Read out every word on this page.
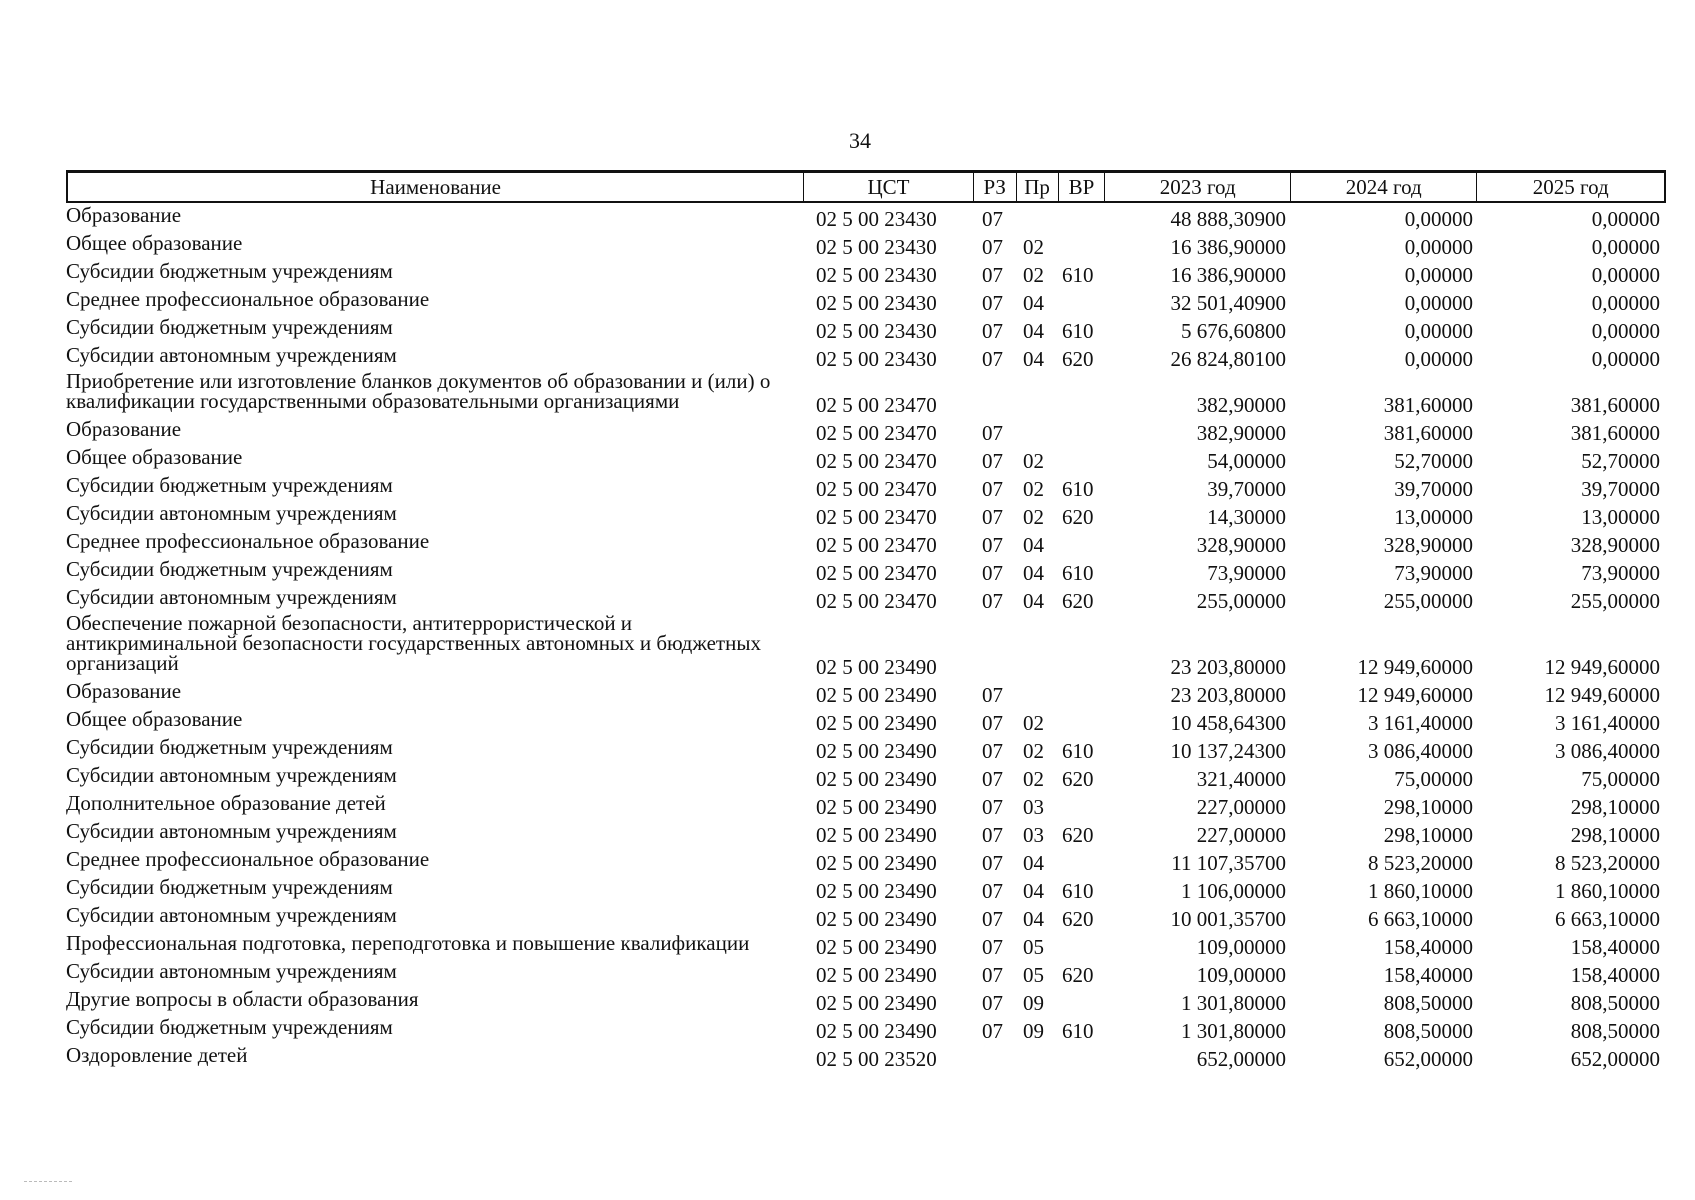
34
Наименование	ЦСТ	РЗ Пр ВР	2023 год	2024 год	2025 год
Образование	02 5 00 23430	07	48 888,30900	0,00000	0,00000
Общее образование	02 5 00 23430	07 02	16 386,90000	0,00000	0,00000
Субсидии бюджетным учреждениям	02 5 00 23430	07 02 610	16 386,90000	0,00000	0,00000
Среднее профессиональное образование	02 5 00 23430	07 04	32 501,40900	0,00000	0,00000
Субсидии бюджетным учреждениям	02 5 00 23430	07 04 610	5 676,60800	0,00000	0,00000
Субсидии автономным учреждениям	02 5 00 23430	07 04 620	26 824,80100	0,00000	0,00000
Приобретение или изготовление бланков документов об образовании и (или) о квалификации государственными образовательными организациями	02 5 00 23470	382,90000	381,60000	381,60000
Образование	02 5 00 23470	07	382,90000	381,60000	381,60000
Общее образование	02 5 00 23470	07 02	54,00000	52,70000	52,70000
Субсидии бюджетным учреждениям	02 5 00 23470	07 02 610	39,70000	39,70000	39,70000
Субсидии автономным учреждениям	02 5 00 23470	07 02 620	14,30000	13,00000	13,00000
Среднее профессиональное образование	02 5 00 23470	07 04	328,90000	328,90000	328,90000
Субсидии бюджетным учреждениям	02 5 00 23470	07 04 610	73,90000	73,90000	73,90000
Субсидии автономным учреждениям	02 5 00 23470	07 04 620	255,00000	255,00000	255,00000
Обеспечение пожарной безопасности, антитеррористической и антикриминальной безопасности государственных автономных и бюджетных организаций	02 5 00 23490	23 203,80000	12 949,60000	12 949,60000
Образование	02 5 00 23490	07	23 203,80000	12 949,60000	12 949,60000
Общее образование	02 5 00 23490	07 02	10 458,64300	3 161,40000	3 161,40000
Субсидии бюджетным учреждениям	02 5 00 23490	07 02 610	10 137,24300	3 086,40000	3 086,40000
Субсидии автономным учреждениям	02 5 00 23490	07 02 620	321,40000	75,00000	75,00000
Дополнительное образование детей	02 5 00 23490	07 03	227,00000	298,10000	298,10000
Субсидии автономным учреждениям	02 5 00 23490	07 03 620	227,00000	298,10000	298,10000
Среднее профессиональное образование	02 5 00 23490	07 04	11 107,35700	8 523,20000	8 523,20000
Субсидии бюджетным учреждениям	02 5 00 23490	07 04 610	1 106,00000	1 860,10000	1 860,10000
Субсидии автономным учреждениям	02 5 00 23490	07 04 620	10 001,35700	6 663,10000	6 663,10000
Профессиональная подготовка, переподготовка и повышение квалификации	02 5 00 23490	07 05	109,00000	158,40000	158,40000
Субсидии автономным учреждениям	02 5 00 23490	07 05 620	109,00000	158,40000	158,40000
Другие вопросы в области образования	02 5 00 23490	07 09	1 301,80000	808,50000	808,50000
Субсидии бюджетным учреждениям	02 5 00 23490	07 09 610	1 301,80000	808,50000	808,50000
Оздоровление детей	02 5 00 23520	652,00000	652,00000	652,00000
